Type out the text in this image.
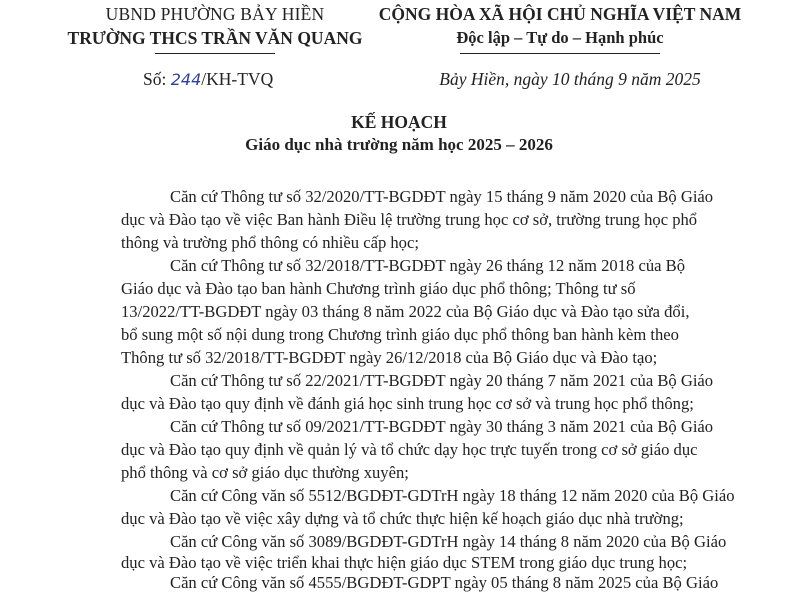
UBND PHƯỜNG BẢY HIỀN
TRƯỜNG THCS TRẦN VĂN QUANG
Số: 244/KH-TVQ
CỘNG HÒA XÃ HỘI CHỦ NGHĨA VIỆT NAM
Độc lập – Tự do – Hạnh phúc
Bảy Hiền, ngày 10 tháng 9 năm 2025
KẾ HOẠCH
Giáo dục nhà trường năm học 2025 – 2026
Căn cứ Thông tư số 32/2020/TT-BGDĐT ngày 15 tháng 9 năm 2020 của Bộ Giáo
dục và Đào tạo về việc Ban hành Điều lệ trường trung học cơ sở, trường trung học phổ
thông và trường phổ thông có nhiều cấp học;
Căn cứ Thông tư số 32/2018/TT-BGDĐT ngày 26 tháng 12 năm 2018 của Bộ
Giáo dục và Đào tạo ban hành Chương trình giáo dục phổ thông; Thông tư số
13/2022/TT-BGDĐT ngày 03 tháng 8 năm 2022 của Bộ Giáo dục và Đào tạo sửa đổi,
bổ sung một số nội dung trong Chương trình giáo dục phổ thông ban hành kèm theo
Thông tư số 32/2018/TT-BGDĐT ngày 26/12/2018 của Bộ Giáo dục và Đào tạo;
Căn cứ Thông tư số 22/2021/TT-BGDĐT ngày 20 tháng 7 năm 2021 của Bộ Giáo
dục và Đào tạo quy định về đánh giá học sinh trung học cơ sở và trung học phổ thông;
Căn cứ Thông tư số 09/2021/TT-BGDĐT ngày 30 tháng 3 năm 2021 của Bộ Giáo
dục và Đào tạo quy định về quản lý và tổ chức dạy học trực tuyến trong cơ sở giáo dục
phổ thông và cơ sở giáo dục thường xuyên;
Căn cứ Công văn số 5512/BGDĐT-GDTrH ngày 18 tháng 12 năm 2020 của Bộ Giáo
dục và Đào tạo về việc xây dựng và tổ chức thực hiện kế hoạch giáo dục nhà trường;
Căn cứ Công văn số 3089/BGDĐT-GDTrH ngày 14 tháng 8 năm 2020 của Bộ Giáo
dục và Đào tạo về việc triển khai thực hiện giáo dục STEM trong giáo dục trung học;
Căn cứ Công văn số 4555/BGDĐT-GDPT ngày 05 tháng 8 năm 2025 của Bộ Giáo
